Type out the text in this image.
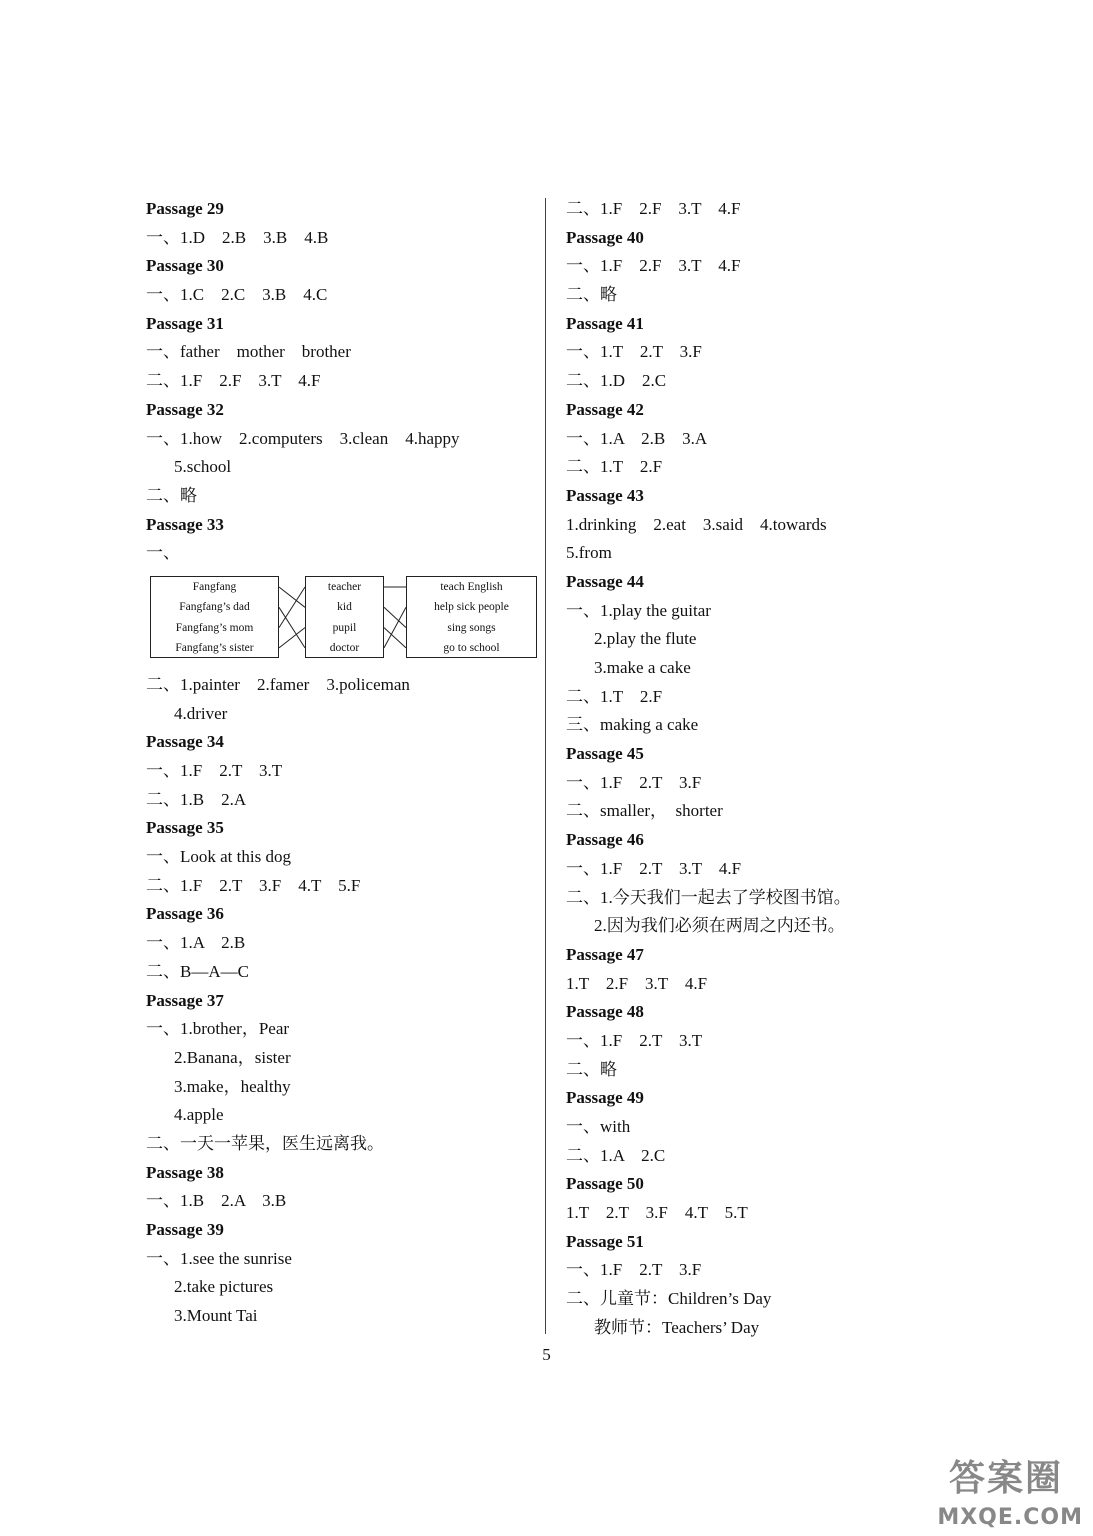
Passage 29
一、1.D　2.B　3.B　4.B
Passage 30
一、1.C　2.C　3.B　4.C
Passage 31
一、father　mother　brother
二、1.F　2.F　3.T　4.F
Passage 32
一、1.how　2.computers　3.clean　4.happy
5.school
二、略
Passage 33
一、
Fangfang
Fangfang’s dad
Fangfang’s mom
Fangfang’s sister
teacher
kid
pupil
doctor
teach English
help sick people
sing songs
go to school
二、1.painter　2.famer　3.policeman
4.driver
Passage 34
一、1.F　2.T　3.T
二、1.B　2.A
Passage 35
一、Look at this dog
二、1.F　2.T　3.F　4.T　5.F
Passage 36
一、1.A　2.B
二、B—A—C
Passage 37
一、1.brother，Pear
2.Banana，sister
3.make，healthy
4.apple
二、一天一苹果，医生远离我。
Passage 38
一、1.B　2.A　3.B
Passage 39
一、1.see the sunrise
2.take pictures
3.Mount Tai
二、1.F　2.F　3.T　4.F
Passage 40
一、1.F　2.F　3.T　4.F
二、略
Passage 41
一、1.T　2.T　3.F
二、1.D　2.C
Passage 42
一、1.A　2.B　3.A
二、1.T　2.F
Passage 43
1.drinking　2.eat　3.said　4.towards
5.from
Passage 44
一、1.play the guitar
2.play the flute
3.make a cake
二、1.T　2.F
三、making a cake
Passage 45
一、1.F　2.T　3.F
二、smaller，　shorter
Passage 46
一、1.F　2.T　3.T　4.F
二、1.今天我们一起去了学校图书馆。
2.因为我们必须在两周之内还书。
Passage 47
1.T　2.F　3.T　4.F
Passage 48
一、1.F　2.T　3.T
二、略
Passage 49
一、with
二、1.A　2.C
Passage 50
1.T　2.T　3.F　4.T　5.T
Passage 51
一、1.F　2.T　3.F
二、儿童节：Children’s Day
教师节：Teachers’ Day
5
答案圈
MXQE.COM
